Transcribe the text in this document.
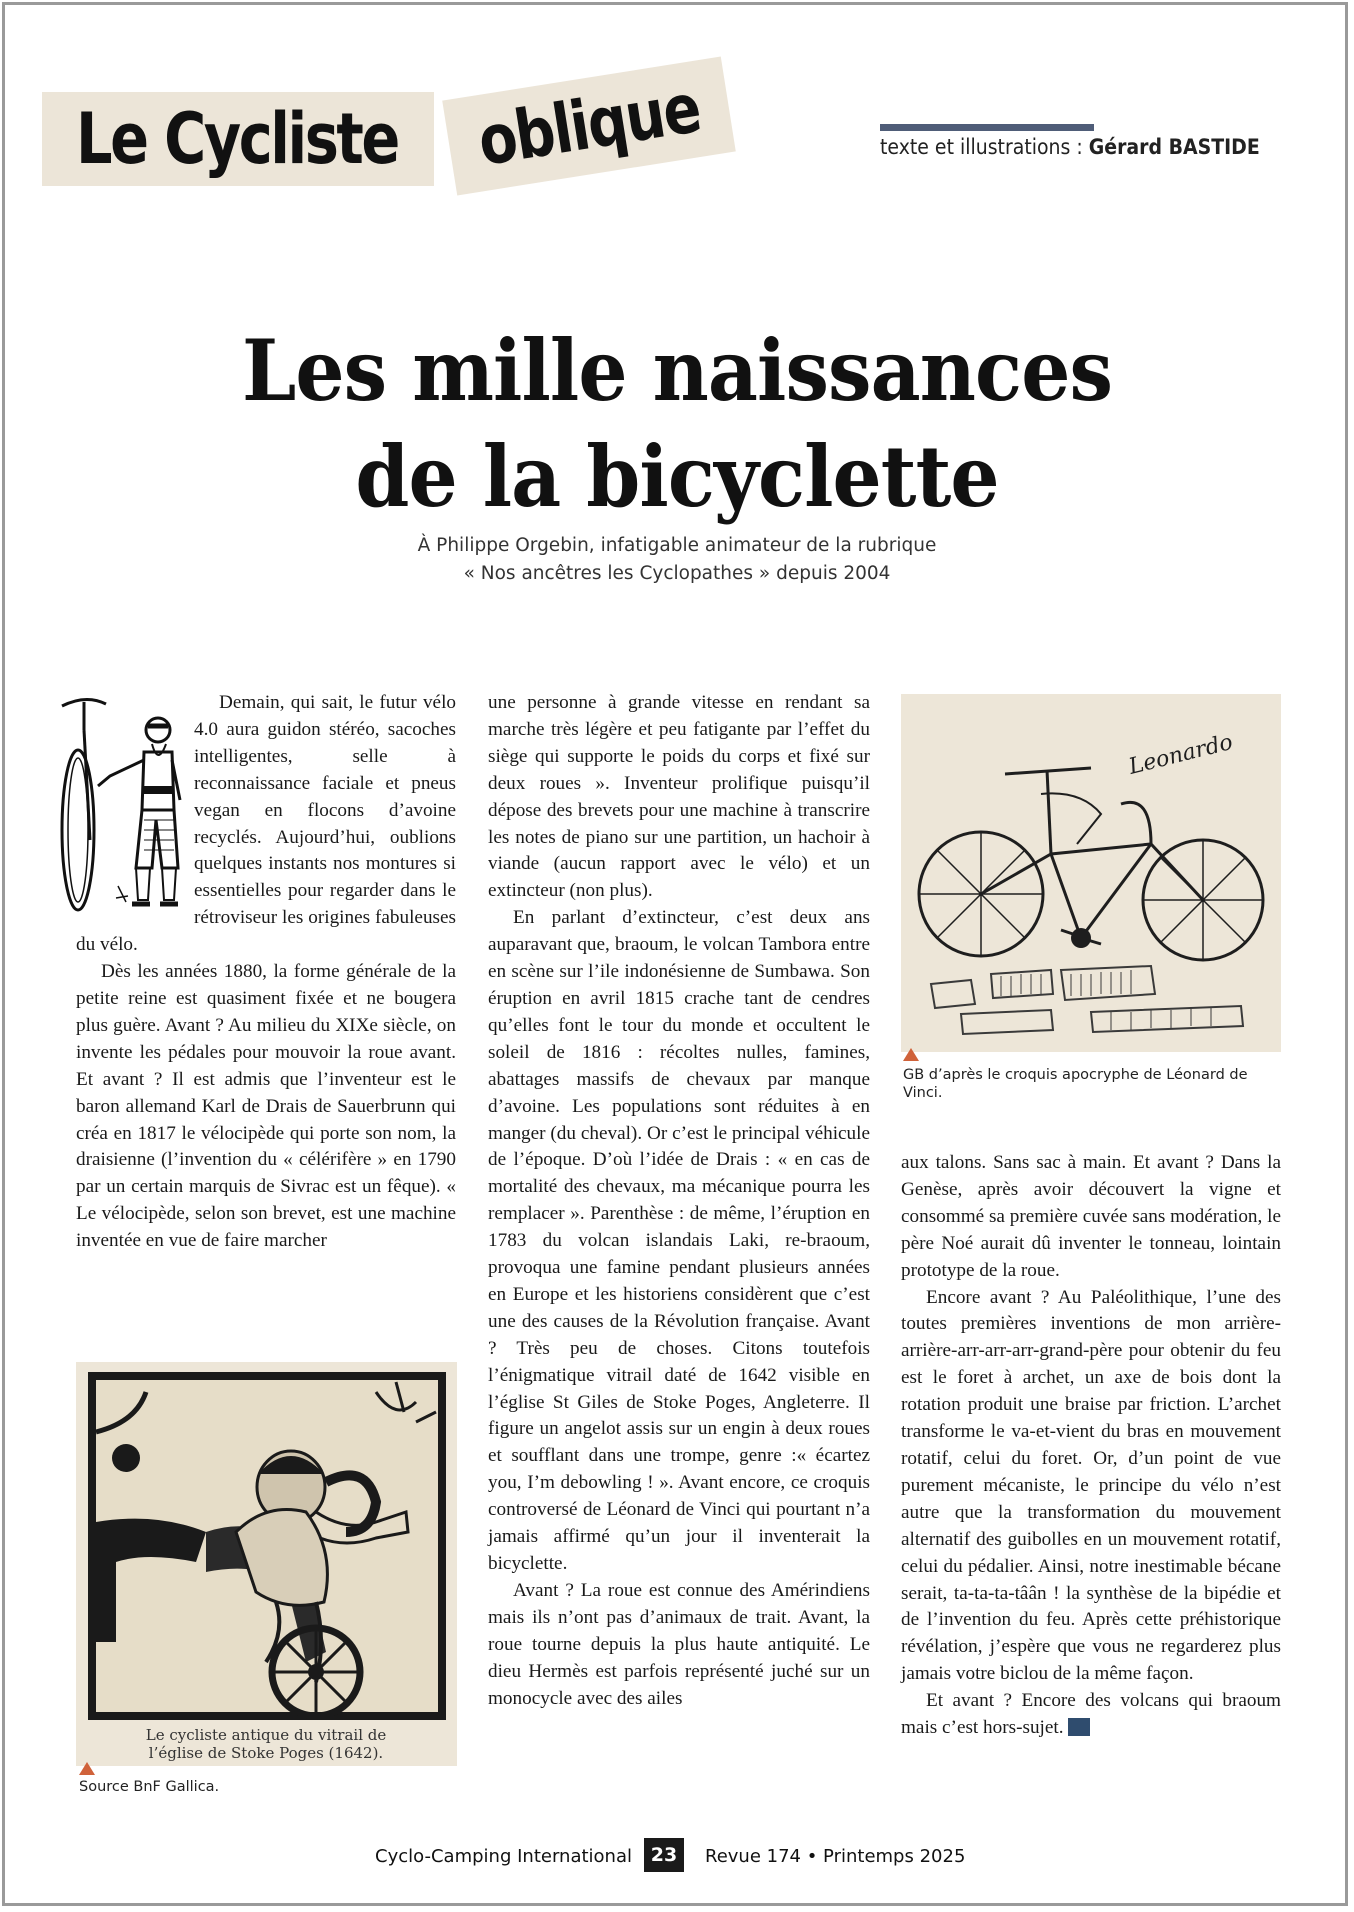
Le Cycliste oblique	texte et illustrations : Gérard BASTIDE
Les mille naissances
de la bicyclette
À Philippe Orgebin, infatigable animateur de la rubrique
« Nos ancêtres les Cyclopathes » depuis 2004

Demain, qui sait, le futur vélo 4.0 aura guidon stéréo, sacoches intelligentes, selle à reconnaissance faciale et pneus vegan en flocons d’avoine recyclés. Aujourd’hui, oublions quelques instants nos montures si essentielles pour regarder dans le rétroviseur les origines fabuleuses du vélo.

Dès les années 1880, la forme générale de la petite reine est quasiment fixée et ne bougera plus guère. Avant ? Au milieu du XIXe siècle, on invente les pédales pour mouvoir la roue avant. Et avant ? Il est admis que l’inventeur est le baron allemand Karl de Drais de Sauerbrunn qui créa en 1817 le vélocipède qui porte son nom, la draisienne (l’invention du « célérifère » en 1790 par un certain marquis de Sivrac est un fêque). « Le vélocipède, selon son brevet, est une machine inventée en vue de faire marcher

Le cycliste antique du vitrail de
l’église de Stoke Poges (1642).
Source BnF Gallica.

une personne à grande vitesse en rendant sa marche très légère et peu fatigante par l’effet du siège qui supporte le poids du corps et fixé sur deux roues ». Inventeur prolifique puisqu’il dépose des brevets pour une machine à transcrire les notes de piano sur une partition, un hachoir à viande (aucun rapport avec le vélo) et un extincteur (non plus).

En parlant d’extincteur, c’est deux ans auparavant que, braoum, le volcan Tambora entre en scène sur l’ile indonésienne de Sumbawa. Son éruption en avril 1815 crache tant de cendres qu’elles font le tour du monde et occultent le soleil de 1816 : récoltes nulles, famines, abattages massifs de chevaux par manque d’avoine. Les populations sont réduites à en manger (du cheval). Or c’est le principal véhicule de l’époque. D’où l’idée de Drais : « en cas de mortalité des chevaux, ma mécanique pourra les remplacer ». Parenthèse : de même, l’éruption en 1783 du volcan islandais Laki, re-braoum, provoqua une famine pendant plusieurs années en Europe et les historiens considèrent que c’est une des causes de la Révolution française. Avant ? Très peu de choses. Citons toutefois l’énigmatique vitrail daté de 1642 visible en l’église St Giles de Stoke Poges, Angleterre. Il figure un angelot assis sur un engin à deux roues et soufflant dans une trompe, genre :« écartez you, I’m debowling ! ». Avant encore, ce croquis controversé de Léonard de Vinci qui pourtant n’a jamais affirmé qu’un jour il inventerait la bicyclette.

Avant ? La roue est connue des Amérindiens mais ils n’ont pas d’animaux de trait. Avant, la roue tourne depuis la plus haute antiquité. Le dieu Hermès est parfois représenté juché sur un monocycle avec des ailes

Leonardo
GB d’après le croquis apocryphe de Léonard de Vinci.

aux talons. Sans sac à main. Et avant ? Dans la Genèse, après avoir découvert la vigne et consommé sa première cuvée sans modération, le père Noé aurait dû inventer le tonneau, lointain prototype de la roue.

Encore avant ? Au Paléolithique, l’une des toutes premières inventions de mon arrière-arrière-arr-arr-arr-grand-père pour obtenir du feu est le foret à archet, un axe de bois dont la rotation produit une braise par friction. L’archet transforme le va-et-vient du bras en mouvement rotatif, celui du foret. Or, d’un point de vue purement mécaniste, le principe du vélo n’est autre que la transformation du mouvement alternatif des guibolles en un mouvement rotatif, celui du pédalier. Ainsi, notre inestimable bécane serait, ta-ta-ta-tâân ! la synthèse de la bipédie et de l’invention du feu. Après cette préhistorique révélation, j’espère que vous ne regarderez plus jamais votre biclou de la même façon.

Et avant ? Encore des volcans qui braoum mais c’est hors-sujet.

Cyclo-Camping International 23	Revue 174 • Printemps 2025
